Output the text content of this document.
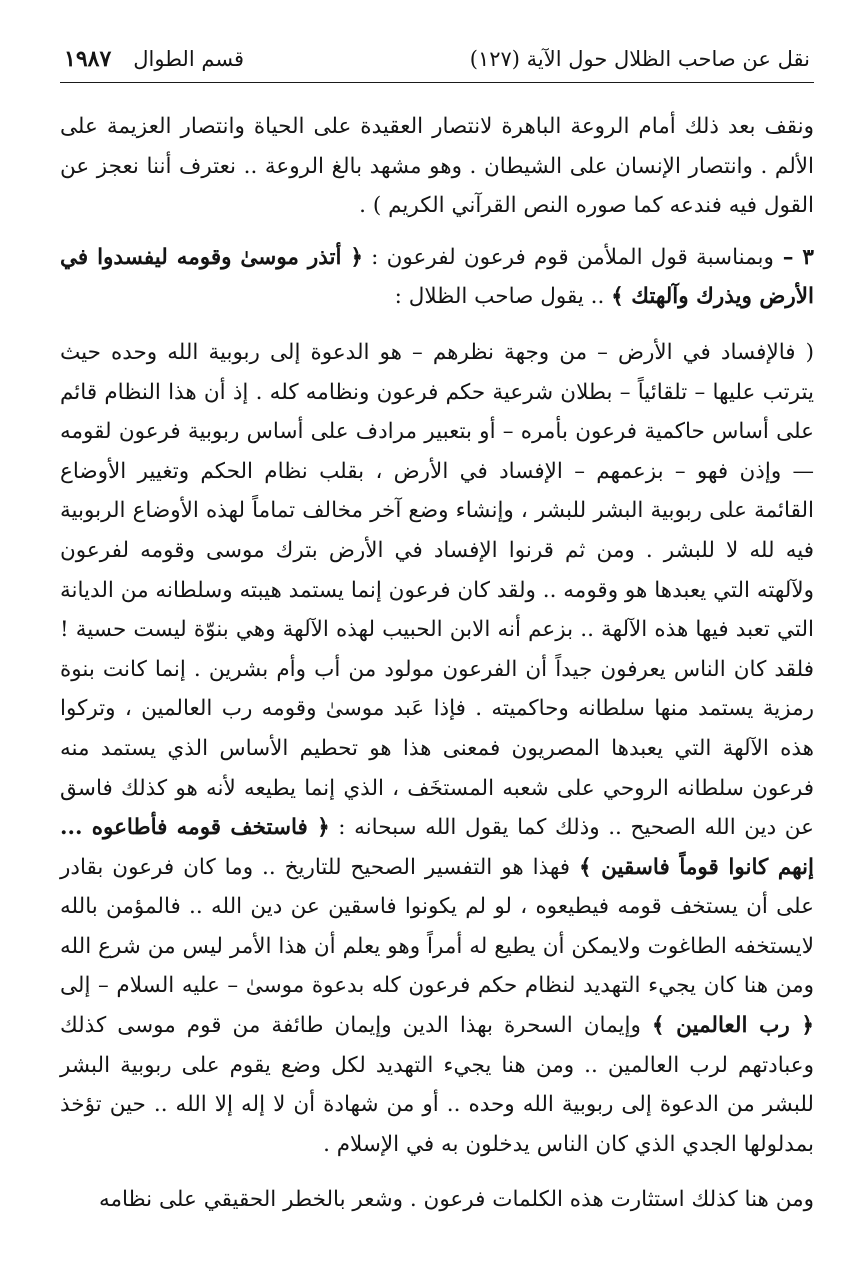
نقل عن صاحب الظلال حول الآية (١٢٧)
قسم الطوال
١٩٨٧

ونقف بعد ذلك أمام الروعة الباهرة لانتصار العقيدة على الحياة وانتصار العزيمة على الألم . وانتصار الإنسان على الشيطان . وهو مشهد بالغ الروعة .. نعترف أننا نعجز عن القول فيه فندعه كما صوره النص القرآني الكريم ) .

٣ – وبمناسبة قول الملأمن قوم فرعون لفرعون : ﴿ أتذر موسىٰ وقومه ليفسدوا في الأرض ويذرك وآلهتك ﴾ .. يقول صاحب الظلال :

( فالإفساد في الأرض – من وجهة نظرهم – هو الدعوة إلى ربوبية الله وحده حيث يترتب عليها – تلقائياً – بطلان شرعية حكم فرعون ونظامه كله . إذ أن هذا النظام قائم على أساس حاكمية فرعون بأمره – أو بتعبير مرادف على أساس ربوبية فرعون لقومه — وإذن فهو – بزعمهم – الإفساد في الأرض ، بقلب نظام الحكم وتغيير الأوضاع القائمة على ربوبية البشر للبشر ، وإنشاء وضع آخر مخالف تماماً لهذه الأوضاع الربوبية فيه لله لا للبشر . ومن ثم قرنوا الإفساد في الأرض بترك موسى وقومه لفرعون ولآلهته التي يعبدها هو وقومه .. ولقد كان فرعون إنما يستمد هيبته وسلطانه من الديانة التي تعبد فيها هذه الآلهة .. بزعم أنه الابن الحبيب لهذه الآلهة وهي بنوّة ليست حسية ! فلقد كان الناس يعرفون جيداً أن الفرعون مولود من أب وأم بشرين . إنما كانت بنوة رمزية يستمد منها سلطانه وحاكميته . فإذا عَبد موسىٰ وقومه رب العالمين ، وتركوا هذه الآلهة التي يعبدها المصريون فمعنى هذا هو تحطيم الأساس الذي يستمد منه فرعون سلطانه الروحي على شعبه المستخَف ، الذي إنما يطيعه لأنه هو كذلك فاسق عن دين الله الصحيح .. وذلك كما يقول الله سبحانه : ﴿ فاستخف قومه فأطاعوه ... إنهم كانوا قوماً فاسقين ﴾ فهذا هو التفسير الصحيح للتاريخ .. وما كان فرعون بقادر على أن يستخف قومه فيطيعوه ، لو لم يكونوا فاسقين عن دين الله .. فالمؤمن بالله لايستخفه الطاغوت ولايمكن أن يطيع له أمراً وهو يعلم أن هذا الأمر ليس من شرع الله ومن هنا كان يجيء التهديد لنظام حكم فرعون كله بدعوة موسىٰ – عليه السلام – إلى ﴿ رب العالمين ﴾ وإيمان السحرة بهذا الدين وإيمان طائفة من قوم موسى كذلك وعبادتهم لرب العالمين .. ومن هنا يجيء التهديد لكل وضع يقوم على ربوبية البشر للبشر من الدعوة إلى ربوبية الله وحده .. أو من شهادة أن لا إله إلا الله .. حين تؤخذ بمدلولها الجدي الذي كان الناس يدخلون به في الإسلام .

ومن هنا كذلك استثارت هذه الكلمات فرعون . وشعر بالخطر الحقيقي على نظامه
